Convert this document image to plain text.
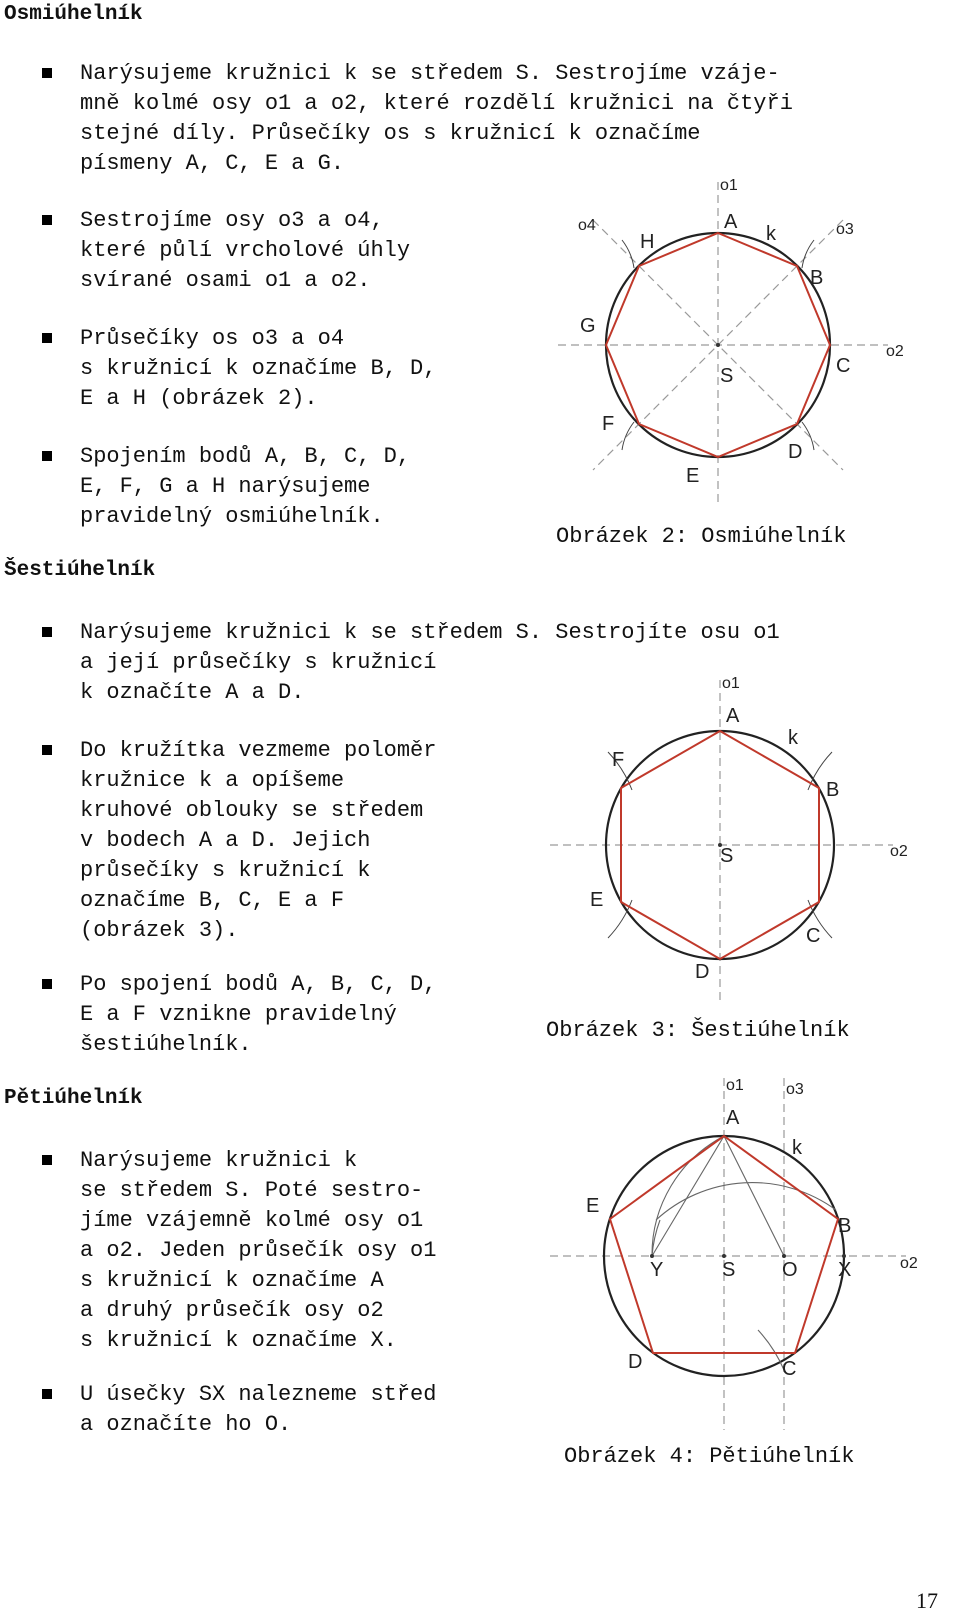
Osmiúhelník
Narýsujeme kružnici k se středem S. Sestrojíme vzáje-
mně kolmé osy o1 a o2, které rozdělí kružnici na čtyři
stejné díly. Průsečíky os s kružnicí k označíme
písmeny A, C, E a G.
Sestrojíme osy o3 a o4,
které půlí vrcholové úhly
svírané osami o1 a o2.
Průsečíky os o3 a o4
s kružnicí k označíme B, D,
E a H (obrázek 2).
Spojením bodů A, B, C, D,
E, F, G a H narýsujeme
pravidelný osmiúhelník.
o1
o4	o3
o2
A
k
B
C
D
E
F
G
H
S
Obrázek 2: Osmiúhelník
Šestiúhelník
Narýsujeme kružnici k se středem S. Sestrojíte osu o1
a její průsečíky s kružnicí
k označíte A a D.
Do kružítka vezmeme poloměr
kružnice k a opíšeme
kruhové oblouky se středem
v bodech A a D. Jejich
průsečíky s kružnicí k
označíme B, C, E a F
(obrázek 3).
Po spojení bodů A, B, C, D,
E a F vznikne pravidelný
šestiúhelník.
o1
o2
A
k
B
C
D
E
F
S
Obrázek 3: Šestiúhelník
Pětiúhelník
Narýsujeme kružnici k
se středem S. Poté sestro-
jíme vzájemně kolmé osy o1
a o2. Jeden průsečík osy o1
s kružnicí k označíme A
a druhý průsečík osy o2
s kružnicí k označíme X.
U úsečky SX nalezneme střed
a označíte ho O.
o1	o3
o2
A
k
B
C
D
E
Y	S O X
Obrázek 4: Pětiúhelník
17
